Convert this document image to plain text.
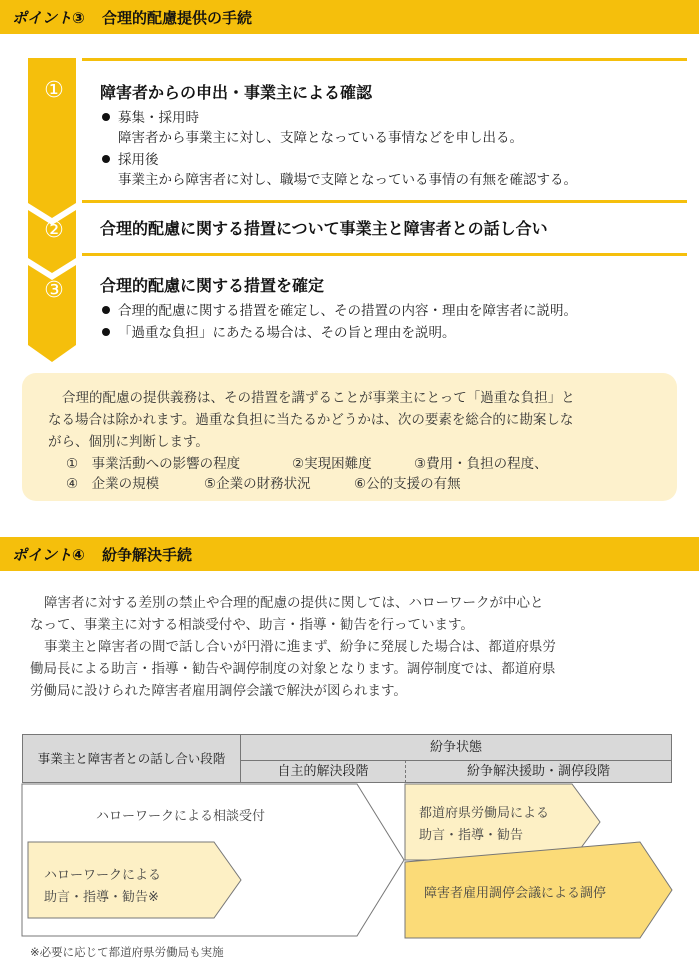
ポイント③ 合理的配慮提供の手続
①
②
③
障害者からの申出・事業主による確認
募集・採用時
障害者から事業主に対し、支障となっている事情などを申し出る。
採用後
事業主から障害者に対し、職場で支障となっている事情の有無を確認する。
合理的配慮に関する措置について事業主と障害者との話し合い
合理的配慮に関する措置を確定
合理的配慮に関する措置を確定し、その措置の内容・理由を障害者に説明。
「過重な負担」にあたる場合は、その旨と理由を説明。
合理的配慮の提供義務は、その措置を講ずることが事業主にとって「過重な負担」と
なる場合は除かれます。過重な負担に当たるかどうかは、次の要素を総合的に勘案しな
がら、個別に判断します。
①　事業活動への影響の程度	②実現困難度	③費用・負担の程度、
④　企業の規模	⑤企業の財務状況	⑥公的支援の有無
ポイント④ 紛争解決手続
障害者に対する差別の禁止や合理的配慮の提供に関しては、ハローワークが中心と
なって、事業主に対する相談受付や、助言・指導・勧告を行っています。
事業主と障害者の間で話し合いが円滑に進まず、紛争に発展した場合は、都道府県労
働局長による助言・指導・勧告や調停制度の対象となります。調停制度では、都道府県
労働局に設けられた障害者雇用調停会議で解決が図られます。
事業主と障害者との話し合い段階
紛争状態
自主的解決段階	紛争解決援助・調停段階
ハローワークによる相談受付
ハローワークによる
助言・指導・勧告※
都道府県労働局による
助言・指導・勧告
障害者雇用調停会議による調停
※必要に応じて都道府県労働局も実施
